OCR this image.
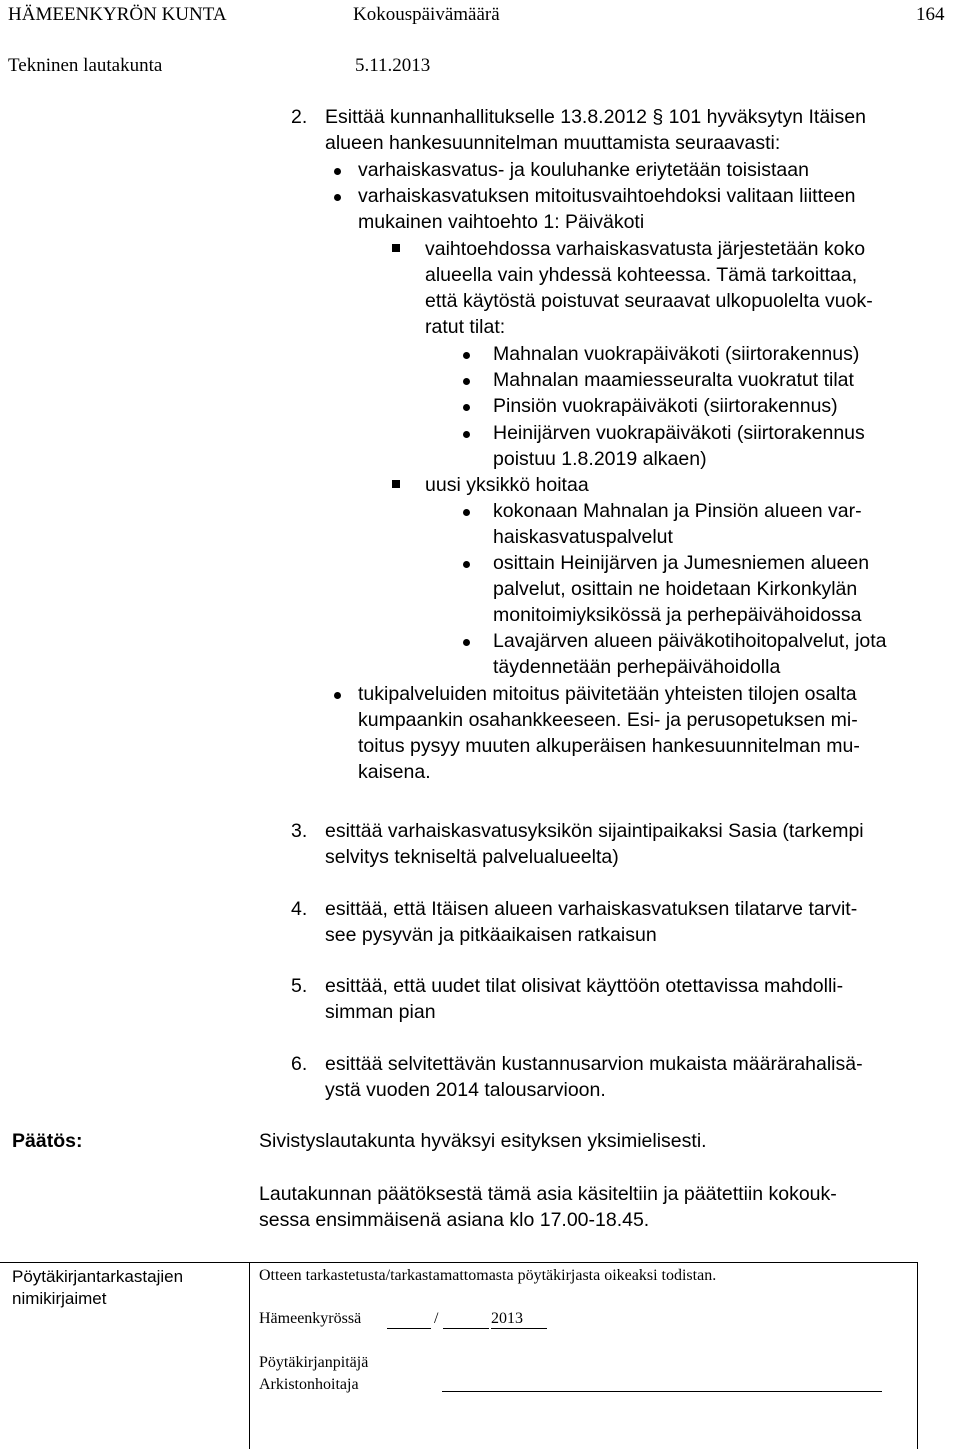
HÄMEENKYRÖN KUNTA	Kokouspäivämäärä	164
Tekninen lautakunta	5.11.2013
2. Esittää kunnanhallitukselle 13.8.2012 § 101 hyväksytyn Itäisen
alueen hankesuunnitelman muuttamista seuraavasti:
varhaiskasvatus- ja kouluhanke eriytetään toisistaan
varhaiskasvatuksen mitoitusvaihtoehdoksi valitaan liitteen
mukainen vaihtoehto 1: Päiväkoti
vaihtoehdossa varhaiskasvatusta järjestetään koko
alueella vain yhdessä kohteessa. Tämä tarkoittaa,
että käytöstä poistuvat seuraavat ulkopuolelta vuok-
ratut tilat:
Mahnalan vuokrapäiväkoti (siirtorakennus)
Mahnalan maamiesseuralta vuokratut tilat
Pinsiön vuokrapäiväkoti (siirtorakennus)
Heinijärven vuokrapäiväkoti (siirtorakennus
poistuu 1.8.2019 alkaen)
uusi yksikkö hoitaa
kokonaan Mahnalan ja Pinsiön alueen var-
haiskasvatuspalvelut
osittain Heinijärven ja Jumesniemen alueen
palvelut, osittain ne hoidetaan Kirkonkylän
monitoimiyksikössä ja perhepäivähoidossa
Lavajärven alueen päiväkotihoitopalvelut, jota
täydennetään perhepäivähoidolla
tukipalveluiden mitoitus päivitetään yhteisten tilojen osalta
kumpaankin osahankkeeseen. Esi- ja perusopetuksen mi-
toitus pysyy muuten alkuperäisen hankesuunnitelman mu-
kaisena.
3. esittää varhaiskasvatusyksikön sijaintipaikaksi Sasia (tarkempi
selvitys tekniseltä palvelualueelta)
4. esittää, että Itäisen alueen varhaiskasvatuksen tilatarve tarvit-
see pysyvän ja pitkäaikaisen ratkaisun
5. esittää, että uudet tilat olisivat käyttöön otettavissa mahdolli-
simman pian
6. esittää selvitettävän kustannusarvion mukaista määrärahalisä-
ystä vuoden 2014 talousarvioon.
Päätös:	Sivistyslautakunta hyväksyi esityksen yksimielisesti.
Lautakunnan päätöksestä tämä asia käsiteltiin ja päätettiin kokouk-
sessa ensimmäisenä asiana klo 17.00-18.45.
Pöytäkirjantarkastajien
nimikirjaimet
Otteen tarkastetusta/tarkastamattomasta pöytäkirjasta oikeaksi todistan.
Hämeenkyrössä	/	2013
Pöytäkirjanpitäjä
Arkistonhoitaja
